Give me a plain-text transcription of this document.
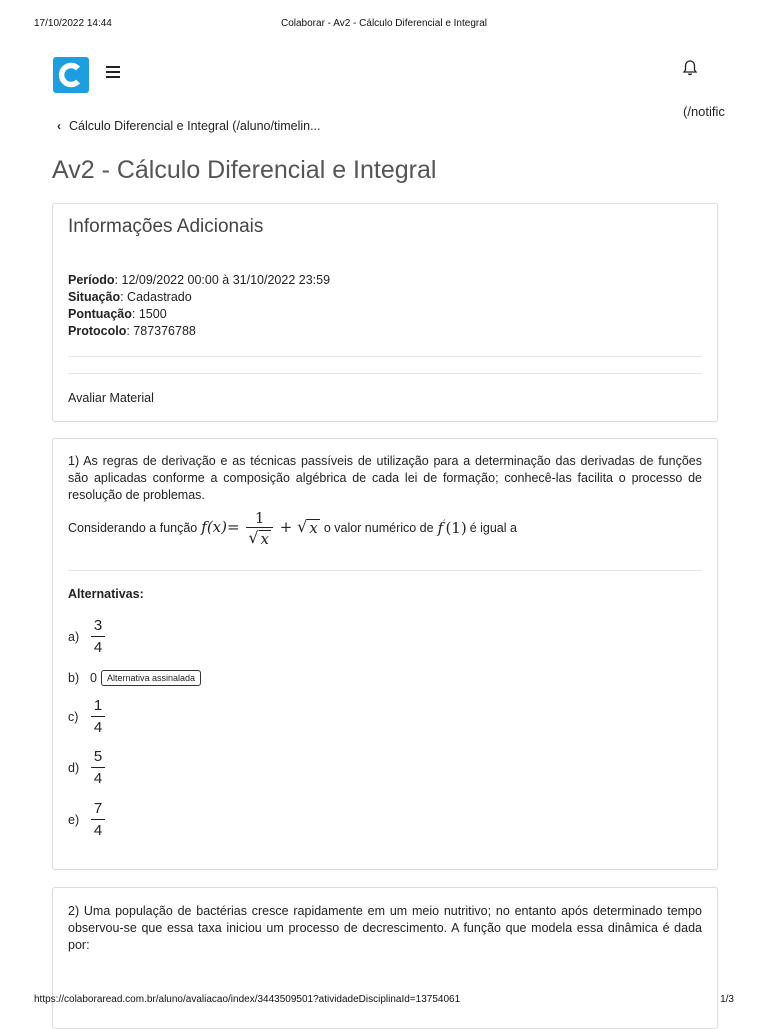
17/10/2022 14:44	Colaborar - Av2 - Cálculo Diferencial e Integral
(/notific
‹ Cálculo Diferencial e Integral (/aluno/timelin...
Av2 - Cálculo Diferencial e Integral
Informações Adicionais
Período: 12/09/2022 00:00 à 31/10/2022 23:59
Situação: Cadastrado
Pontuação: 1500
Protocolo: 787376788
Avaliar Material
1) As regras de derivação e as técnicas passíveis de utilização para a determinação das derivadas de funções são aplicadas conforme a composição algébrica de cada lei de formação; conhecê-las facilita o processo de resolução de problemas.
Considerando a função $f(x)= \frac{1}{√ x}$ + √ x o valor numérico de f′(1) é igual a
Alternativas:
a)
3
4
b) 0	Alternativa assinalada
c)
1
4
d)
5
4
e)
7
4
2) Uma população de bactérias cresce rapidamente em um meio nutritivo; no entanto após determinado tempo observou-se que essa taxa iniciou um processo de decrescimento. A função que modela essa dinâmica é dada por:
https://colaboraread.com.br/aluno/avaliacao/index/3443509501?atividadeDisciplinaId=13754061	1/3
